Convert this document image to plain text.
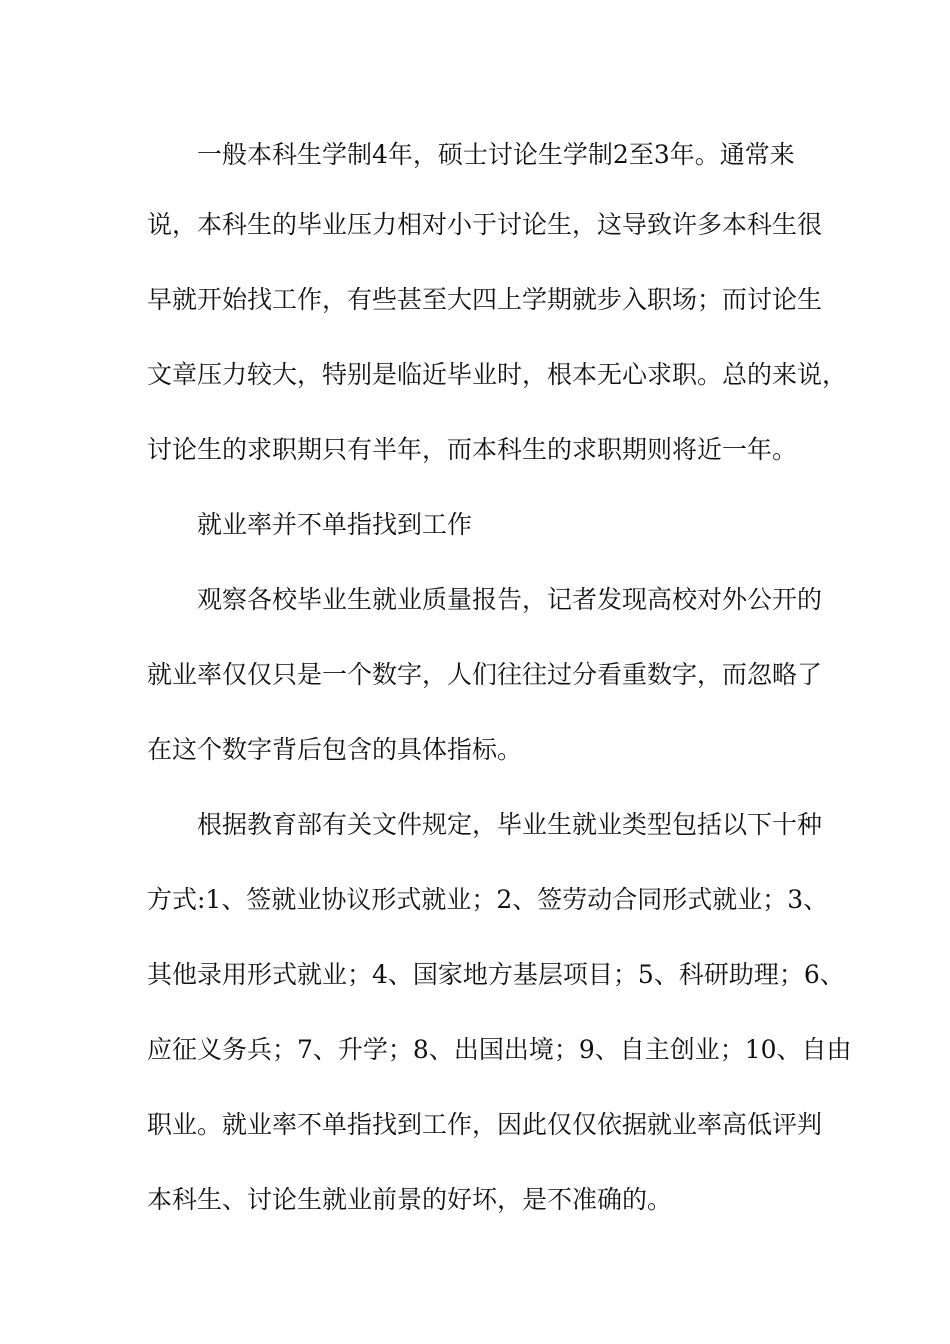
一般本科生学制4年，硕士讨论生学制2至3年。通常来
说，本科生的毕业压力相对小于讨论生，这导致许多本科生很
早就开始找工作，有些甚至大四上学期就步入职场；而讨论生
文章压力较大，特别是临近毕业时，根本无心求职。总的来说，
讨论生的求职期只有半年，而本科生的求职期则将近一年。
就业率并不单指找到工作
观察各校毕业生就业质量报告，记者发现高校对外公开的
就业率仅仅只是一个数字，人们往往过分看重数字，而忽略了
在这个数字背后包含的具体指标。
根据教育部有关文件规定，毕业生就业类型包括以下十种
方式:1、签就业协议形式就业；2、签劳动合同形式就业；3、
其他录用形式就业；4、国家地方基层项目；5、科研助理；6、
应征义务兵；7、升学；8、出国出境；9、自主创业；10、自由
职业。就业率不单指找到工作，因此仅仅依据就业率高低评判
本科生、讨论生就业前景的好坏，是不准确的。
